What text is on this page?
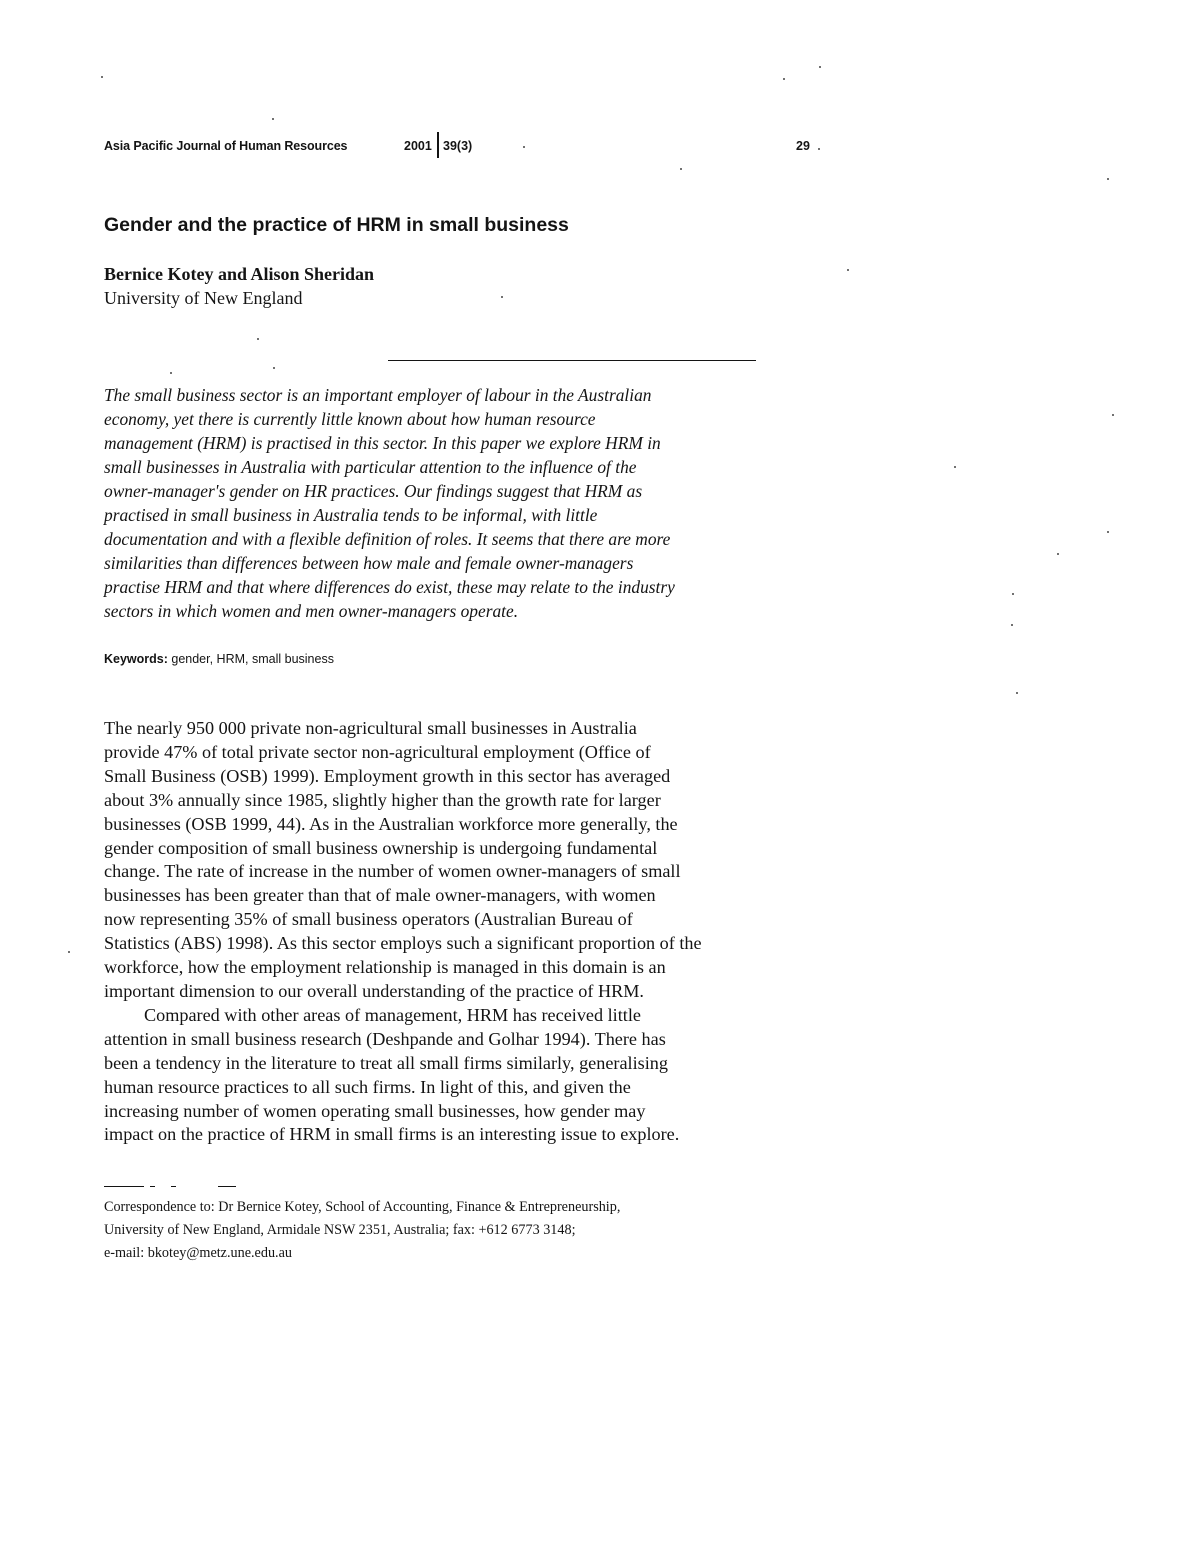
Asia Pacific Journal of Human Resources	2001 39(3)	29
Gender and the practice of HRM in small business
Bernice Kotey and Alison Sheridan
University of New England
The small business sector is an important employer of labour in the Australian
economy, yet there is currently little known about how human resource
management (HRM) is practised in this sector. In this paper we explore HRM in
small businesses in Australia with particular attention to the influence of the
owner-manager's gender on HR practices. Our findings suggest that HRM as
practised in small business in Australia tends to be informal, with little
documentation and with a flexible definition of roles. It seems that there are more
similarities than differences between how male and female owner-managers
practise HRM and that where differences do exist, these may relate to the industry
sectors in which women and men owner-managers operate.
Keywords: gender, HRM, small business
The nearly 950 000 private non-agricultural small businesses in Australia
provide 47% of total private sector non-agricultural employment (Office of
Small Business (OSB) 1999). Employment growth in this sector has averaged
about 3% annually since 1985, slightly higher than the growth rate for larger
businesses (OSB 1999, 44). As in the Australian workforce more generally, the
gender composition of small business ownership is undergoing fundamental
change. The rate of increase in the number of women owner-managers of small
businesses has been greater than that of male owner-managers, with women
now representing 35% of small business operators (Australian Bureau of
Statistics (ABS) 1998). As this sector employs such a significant proportion of the
workforce, how the employment relationship is managed in this domain is an
important dimension to our overall understanding of the practice of HRM.
Compared with other areas of management, HRM has received little
attention in small business research (Deshpande and Golhar 1994). There has
been a tendency in the literature to treat all small firms similarly, generalising
human resource practices to all such firms. In light of this, and given the
increasing number of women operating small businesses, how gender may
impact on the practice of HRM in small firms is an interesting issue to explore.
Correspondence to: Dr Bernice Kotey, School of Accounting, Finance & Entrepreneurship,
University of New England, Armidale NSW 2351, Australia; fax: +612 6773 3148;
e-mail: bkotey@metz.une.edu.au
